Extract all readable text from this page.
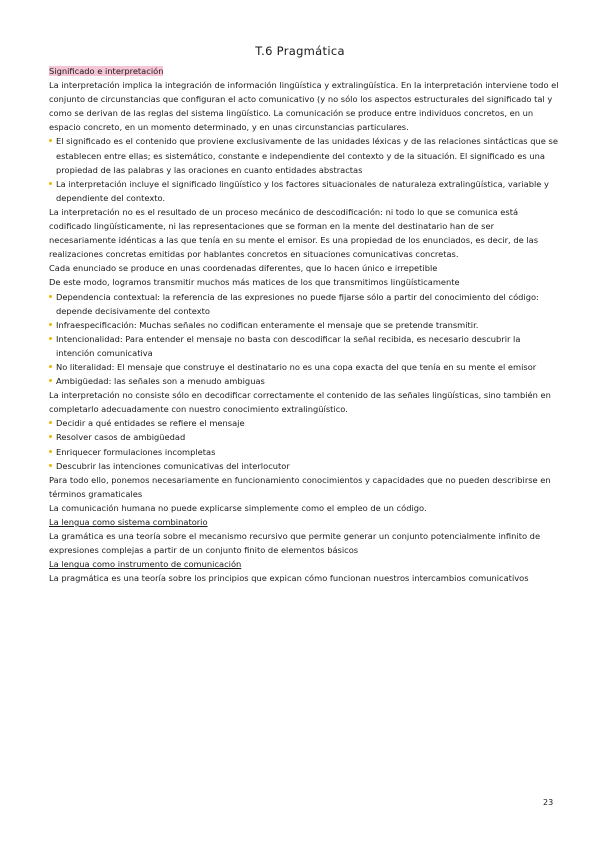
T.6 Pragmática

Significado e interpretación

La interpretación implica la integración de información lingüística y extralingüística. En la interpretación interviene todo el conjunto de circunstancias que configuran el acto comunicativo (y no sólo los aspectos estructurales del significado tal y como se derivan de las reglas del sistema lingüístico. La comunicación se produce entre individuos concretos, en un espacio concreto, en un momento determinado, y en unas circunstancias particulares.

El significado es el contenido que proviene exclusivamente de las unidades léxicas y de las relaciones sintácticas que se establecen entre ellas; es sistemático, constante e independiente del contexto y de la situación. El significado es una propiedad de las palabras y las oraciones en cuanto entidades abstractas
La interpretación incluye el significado lingüístico y los factores situacionales de naturaleza extralingüística, variable y dependiente del contexto.

La interpretación no es el resultado de un proceso mecánico de descodificación: ni todo lo que se comunica está codificado lingüísticamente, ni las representaciones que se forman en la mente del destinatario han de ser necesariamente idénticas a las que tenía en su mente el emisor. Es una propiedad de los enunciados, es decir, de las realizaciones concretas emitidas por hablantes concretos en situaciones comunicativas concretas.

Cada enunciado se produce en unas coordenadas diferentes, que lo hacen único e irrepetible

De este modo, logramos transmitir muchos más matices de los que transmitimos lingüísticamente

Dependencia contextual: la referencia de las expresiones no puede fijarse sólo a partir del conocimiento del código: depende decisivamente del contexto
Infraespecificación: Muchas señales no codifican enteramente el mensaje que se pretende transmitir.
Intencionalidad: Para entender el mensaje no basta con descodificar la señal recibida, es necesario descubrir la intención comunicativa
No literalidad: El mensaje que construye el destinatario no es una copa exacta del que tenía en su mente el emisor
Ambigüedad: las señales son a menudo ambiguas

La interpretación no consiste sólo en decodificar correctamente el contenido de las señales lingüísticas, sino también en completarlo adecuadamente con nuestro conocimiento extralingüístico.

Decidir a qué entidades se refiere el mensaje
Resolver casos de ambigüedad
Enriquecer formulaciones incompletas
Descubrir las intenciones comunicativas del interlocutor

Para todo ello, ponemos necesariamente en funcionamiento conocimientos y capacidades que no pueden describirse en términos gramaticales

La comunicación humana no puede explicarse simplemente como el empleo de un código.

La lengua como sistema combinatorio

La gramática es una teoría sobre el mecanismo recursivo que permite generar un conjunto potencialmente infinito de expresiones complejas a partir de un conjunto finito de elementos básicos

La lengua como instrumento de comunicación

La pragmática es una teoría sobre los principios que expican cómo funcionan nuestros intercambios comunicativos

23
